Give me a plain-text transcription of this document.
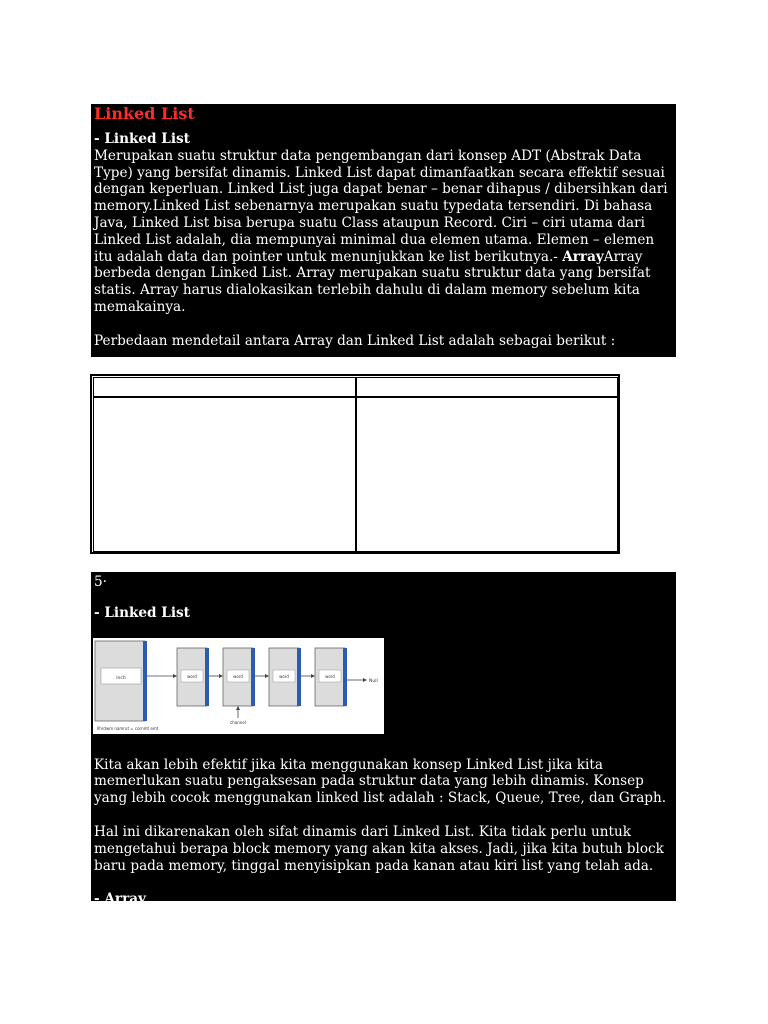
Linked List
- Linked List

Merupakan suatu struktur data pengembangan dari konsep ADT (Abstrak Data Type) yang bersifat dinamis. Linked List dapat dimanfaatkan secara effektif sesuai dengan keperluan. Linked List juga dapat benar – benar dihapus / dibersihkan dari memory.Linked List sebenarnya merupakan suatu typedata tersendiri. Di bahasa Java, Linked List bisa berupa suatu Class ataupun Record. Ciri – ciri utama dari Linked List adalah, dia mempunyai minimal dua elemen utama. Elemen – elemen itu adalah data dan pointer untuk menunjukkan ke list berikutnya.- ArrayArray berbeda dengan Linked List. Array merupakan suatu struktur data yang bersifat statis. Array harus dialokasikan terlebih dahulu di dalam memory sebelum kita memakainya.

Perbedaan mendetail antara Array dan Linked List adalah sebagai berikut :

5·

- Linked List

Kita akan lebih efektif jika kita menggunakan konsep Linked List jika kita memerlukan suatu pengaksesan pada struktur data yang lebih dinamis. Konsep yang lebih cocok menggunakan linked list adalah : Stack, Queue, Tree, dan Graph.

Hal ini dikarenakan oleh sifat dinamis dari Linked List. Kita tidak perlu untuk mengetahui berapa block memory yang akan kita akses. Jadi, jika kita butuh block baru pada memory, tinggal menyisipkan pada kanan atau kiri list yang telah ada.

- Array
lnch	word	word	word	word
Null
channel
Ilhrdwm namrut = cornmt emt
